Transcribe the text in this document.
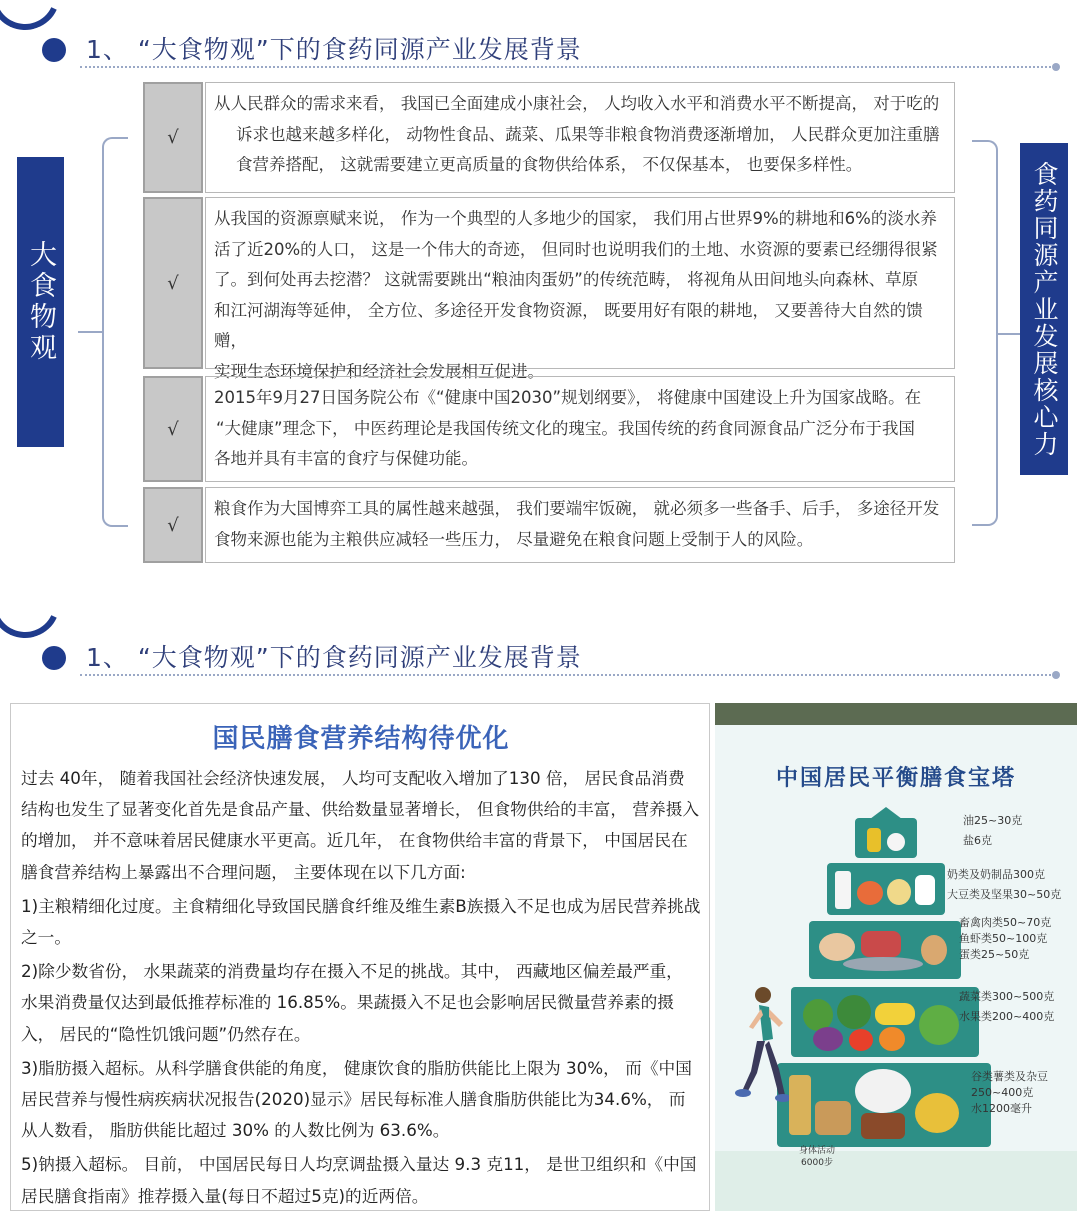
1、 “大食物观”下的食药同源产业发展背景
大食物观	食药同源产业发展核心力
√
从人民群众的需求来看， 我国已全面建成小康社会， 人均收入水平和消费水平不断提高， 对于吃的
诉求也越来越多样化， 动物性食品、蔬菜、瓜果等非粮食物消费逐渐增加， 人民群众更加注重膳
食营养搭配， 这就需要建立更高质量的食物供给体系， 不仅保基本， 也要保多样性。
√
从我国的资源禀赋来说， 作为一个典型的人多地少的国家， 我们用占世界9%的耕地和6%的淡水养
活了近20%的人口， 这是一个伟大的奇迹， 但同时也说明我们的土地、水资源的要素已经绷得很紧
了。到何处再去挖潜？ 这就需要跳出“粮油肉蛋奶”的传统范畴， 将视角从田间地头向森林、草原
和江河湖海等延伸， 全方位、多途径开发食物资源， 既要用好有限的耕地， 又要善待大自然的馈赠，
实现生态环境保护和经济社会发展相互促进。
√
2015年9月27日国务院公布《“健康中国2030”规划纲要》， 将健康中国建设上升为国家战略。在
“大健康”理念下， 中医药理论是我国传统文化的瑰宝。我国传统的药食同源食品广泛分布于我国
各地并具有丰富的食疗与保健功能。
√
粮食作为大国博弈工具的属性越来越强， 我们要端牢饭碗， 就必须多一些备手、后手， 多途径开发
食物来源也能为主粮供应减轻一些压力， 尽量避免在粮食问题上受制于人的风险。
1、 “大食物观”下的食药同源产业发展背景
国民膳食营养结构待优化
过去 40年， 随着我国社会经济快速发展， 人均可支配收入增加了130 倍， 居民食品消费结构也发生了显著变化首先是食品产量、供给数量显著增长， 但食物供给的丰富， 营养摄入的增加， 并不意味着居民健康水平更高。近几年， 在食物供给丰富的背景下， 中国居民在膳食营养结构上暴露出不合理问题， 主要体现在以下几方面:
1)主粮精细化过度。主食精细化导致国民膳食纤维及维生素B族摄入不足也成为居民营养挑战之一。
2)除少数省份， 水果蔬菜的消费量均存在摄入不足的挑战。其中， 西藏地区偏差最严重， 水果消费量仅达到最低推荐标准的 16.85%。果蔬摄入不足也会影响居民微量营养素的摄入， 居民的“隐性饥饿问题”仍然存在。
3)脂肪摄入超标。从科学膳食供能的角度， 健康饮食的脂肪供能比上限为 30%， 而《中国居民营养与慢性病疾病状况报告(2020)显示》居民每标准人膳食脂肪供能比为34.6%， 而从人数看， 脂肪供能比超过 30% 的人数比例为 63.6%。
5)钠摄入超标。 目前， 中国居民每日人均烹调盐摄入量达 9.3 克11， 是世卫组织和《中国居民膳食指南》推荐摄入量(每日不超过5克)的近两倍。
中国居民平衡膳食宝塔
油25~30克
盐6克
奶类及奶制品300克
大豆类及坚果30~50克
畜禽肉类50~70克
鱼虾类50~100克
蛋类25~50克
蔬菜类300~500克
水果类200~400克
谷类薯类及杂豆
250~400克
水1200毫升
身体活动
6000步
